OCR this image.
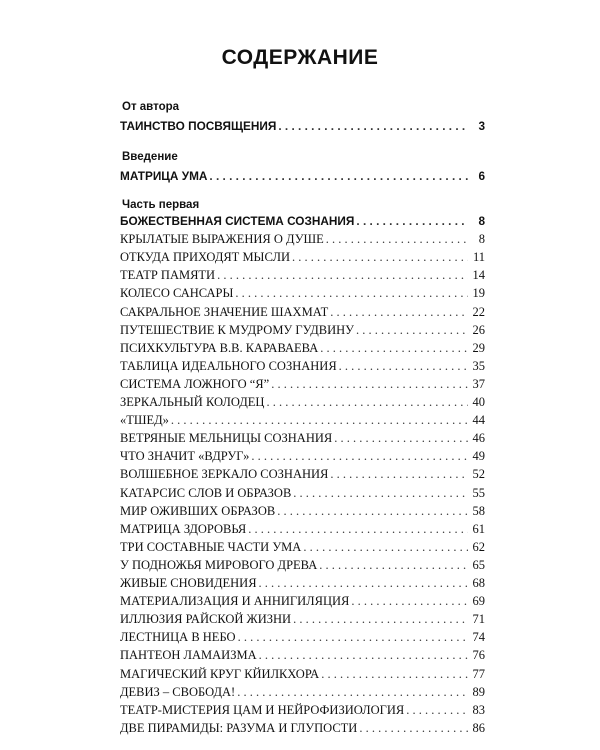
СОДЕРЖАНИЕ
От автора
ТАИНСТВО ПОСВЯЩЕНИЯ . . .	3
Введение
МАТРИЦА УМА . . .	6
Часть первая
БОЖЕСТВЕННАЯ СИСТЕМА СОЗНАНИЯ . . .	8
КРЫЛАТЫЕ ВЫРАЖЕНИЯ О ДУШЕ . . .	8
ОТКУДА ПРИХОДЯТ МЫСЛИ . . .	11
ТЕАТР ПАМЯТИ . . .	14
КОЛЕСО САНСАРЫ . . .	19
САКРАЛЬНОЕ ЗНАЧЕНИЕ ШАХМАТ . . .	22
ПУТЕШЕСТВИЕ К МУДРОМУ ГУДВИНУ . . .	26
ПСИХКУЛЬТУРА В.В. КАРАВАЕВА . . .	29
ТАБЛИЦА ИДЕАЛЬНОГО СОЗНАНИЯ . . .	35
СИСТЕМА ЛОЖНОГО “Я” . . .	37
ЗЕРКАЛЬНЫЙ КОЛОДЕЦ . . .	40
«ТШЕД» . . .	44
ВЕТРЯНЫЕ МЕЛЬНИЦЫ СОЗНАНИЯ . . .	46
ЧТО ЗНАЧИТ «ВДРУГ» . . .	49
ВОЛШЕБНОЕ ЗЕРКАЛО СОЗНАНИЯ . . .	52
КАТАРСИС СЛОВ И ОБРАЗОВ . . .	55
МИР ОЖИВШИХ ОБРАЗОВ . . .	58
МАТРИЦА ЗДОРОВЬЯ . . .	61
ТРИ СОСТАВНЫЕ ЧАСТИ УМА . . .	62
У ПОДНОЖЬЯ МИРОВОГО ДРЕВА . . .	65
ЖИВЫЕ СНОВИДЕНИЯ . . .	68
МАТЕРИАЛИЗАЦИЯ И АННИГИЛЯЦИЯ . . .	69
ИЛЛЮЗИЯ РАЙСКОЙ ЖИЗНИ . . .	71
ЛЕСТНИЦА В НЕБО . . .	74
ПАНТЕОН ЛАМАИЗМА . . .	76
МАГИЧЕСКИЙ КРУГ КЙИЛКХОРА . . .	77
ДЕВИЗ – СВОБОДА! . . .	89
ТЕАТР-МИСТЕРИЯ ЦАМ И НЕЙРОФИЗИОЛОГИЯ . . .	83
ДВЕ ПИРАМИДЫ: РАЗУМА И ГЛУПОСТИ . . .	86
